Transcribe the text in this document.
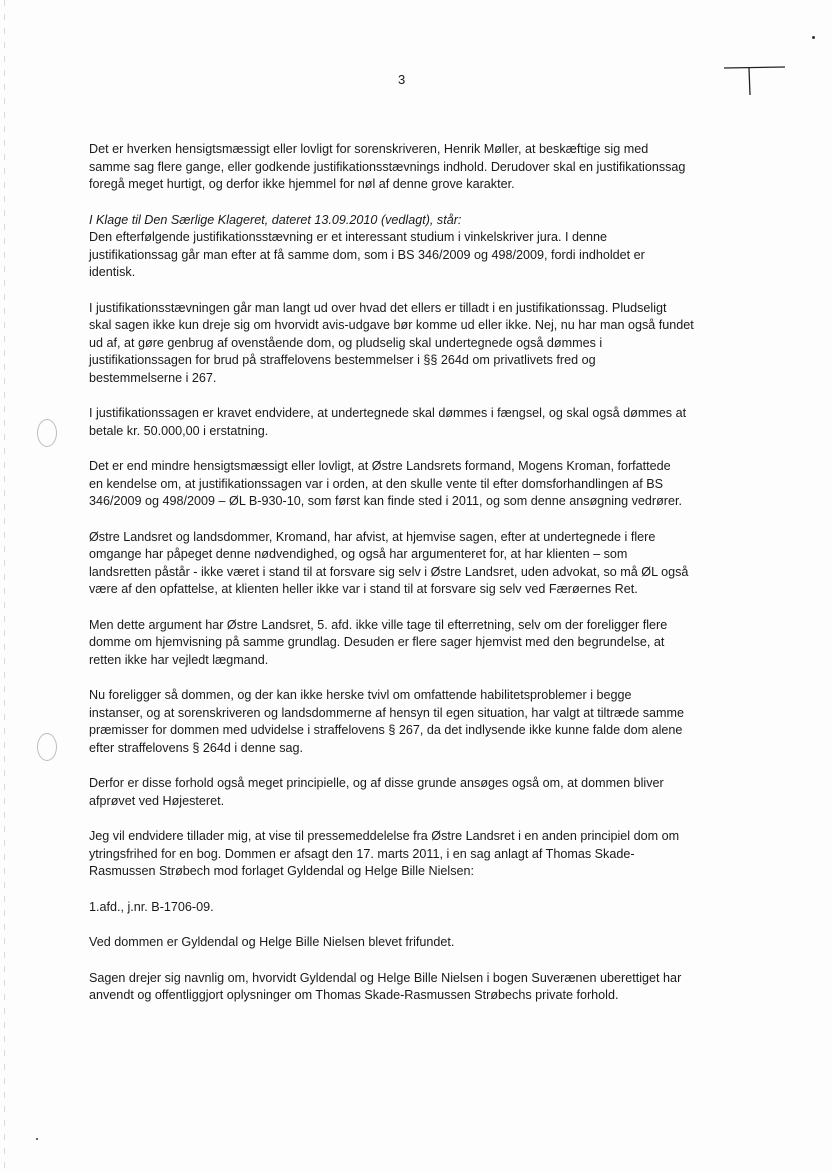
3

Det er hverken hensigtsmæssigt eller lovligt for sorenskriveren, Henrik Møller, at beskæftige sig med
samme sag flere gange, eller godkende justifikationsstævnings indhold. Derudover skal en justifikationssag
foregå meget hurtigt, og derfor ikke hjemmel for nøl af denne grove karakter.

I Klage til Den Særlige Klageret, dateret 13.09.2010 (vedlagt), står:
Den efterfølgende justifikationsstævning er et interessant studium i vinkelskriver jura. I denne
justifikationssag går man efter at få samme dom, som i BS 346/2009 og 498/2009, fordi indholdet er
identisk.

I justifikationsstævningen går man langt ud over hvad det ellers er tilladt i en justifikationssag. Pludseligt
skal sagen ikke kun dreje sig om hvorvidt avis-udgave bør komme ud eller ikke. Nej, nu har man også fundet
ud af, at gøre genbrug af ovenstående dom, og pludselig skal undertegnede også dømmes i
justifikationssagen for brud på straffelovens bestemmelser i §§ 264d om privatlivets fred og
bestemmelserne i 267.

I justifikationssagen er kravet endvidere, at undertegnede skal dømmes i fængsel, og skal også dømmes at
betale kr. 50.000,00 i erstatning.

Det er end mindre hensigtsmæssigt eller lovligt, at Østre Landsrets formand, Mogens Kroman, forfattede
en kendelse om, at justifikationssagen var i orden, at den skulle vente til efter domsforhandlingen af BS
346/2009 og 498/2009 – ØL B-930-10, som først kan finde sted i 2011, og som denne ansøgning vedrører.

Østre Landsret og landsdommer, Kromand, har afvist, at hjemvise sagen, efter at undertegnede i flere
omgange har påpeget denne nødvendighed, og også har argumenteret for, at har klienten – som
landsretten påstår - ikke været i stand til at forsvare sig selv i Østre Landsret, uden advokat, so må ØL også
være af den opfattelse, at klienten heller ikke var i stand til at forsvare sig selv ved Færøernes Ret.

Men dette argument har Østre Landsret, 5. afd. ikke ville tage til efterretning, selv om der foreligger flere
domme om hjemvisning på samme grundlag. Desuden er flere sager hjemvist med den begrundelse, at
retten ikke har vejledt lægmand.

Nu foreligger så dommen, og der kan ikke herske tvivl om omfattende habilitetsproblemer i begge
instanser, og at sorenskriveren og landsdommerne af hensyn til egen situation, har valgt at tiltræde samme
præmisser for dommen med udvidelse i straffelovens § 267, da det indlysende ikke kunne falde dom alene
efter straffelovens § 264d i denne sag.

Derfor er disse forhold også meget principielle, og af disse grunde ansøges også om, at dommen bliver
afprøvet ved Højesteret.

Jeg vil endvidere tillader mig, at vise til pressemeddelelse fra Østre Landsret i en anden principiel dom om
ytringsfrihed for en bog. Dommen er afsagt den 17. marts 2011, i en sag anlagt af Thomas Skade-
Rasmussen Strøbech mod forlaget Gyldendal og Helge Bille Nielsen:

1.afd., j.nr. B-1706-09.

Ved dommen er Gyldendal og Helge Bille Nielsen blevet frifundet.

Sagen drejer sig navnlig om, hvorvidt Gyldendal og Helge Bille Nielsen i bogen Suverænen uberettiget har
anvendt og offentliggjort oplysninger om Thomas Skade-Rasmussen Strøbechs private forhold.
